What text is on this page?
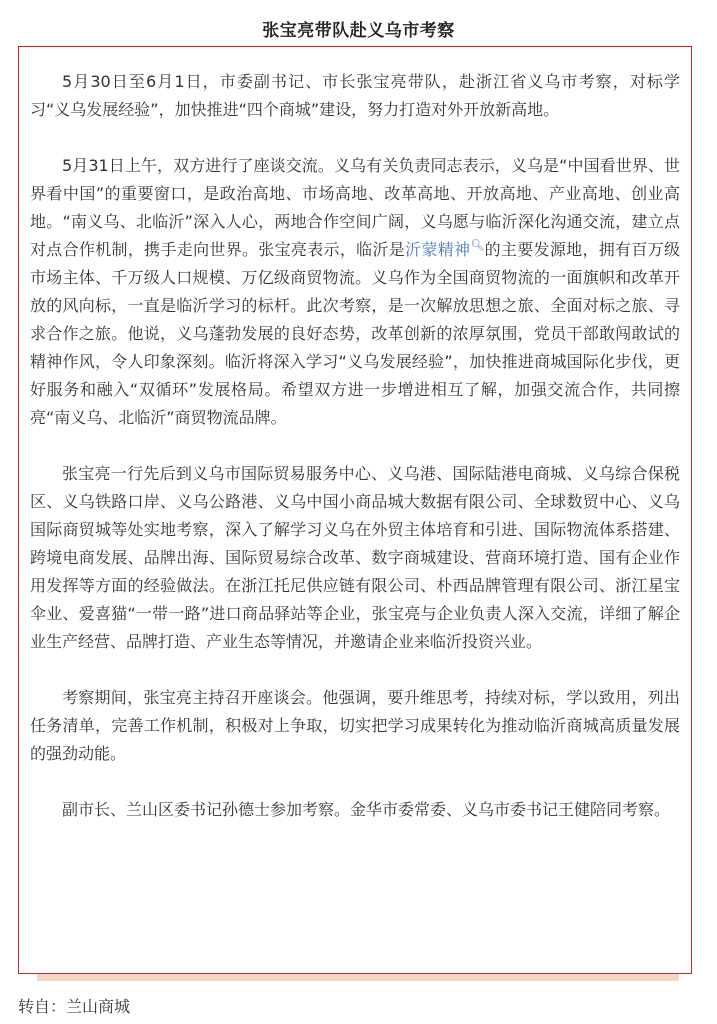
张宝亮带队赴义乌市考察

5月30日至6月1日，市委副书记、市长张宝亮带队，赴浙江省义乌市考察，对标学习“义乌发展经验”，加快推进“四个商城”建设，努力打造对外开放新高地。

5月31日上午，双方进行了座谈交流。义乌有关负责同志表示，义乌是“中国看世界、世界看中国”的重要窗口，是政治高地、市场高地、改革高地、开放高地、产业高地、创业高地。“南义乌、北临沂”深入人心，两地合作空间广阔，义乌愿与临沂深化沟通交流，建立点对点合作机制，携手走向世界。张宝亮表示，临沂是沂蒙精神🔍︎的主要发源地，拥有百万级市场主体、千万级人口规模、万亿级商贸物流。义乌作为全国商贸物流的一面旗帜和改革开放的风向标，一直是临沂学习的标杆。此次考察，是一次解放思想之旅、全面对标之旅、寻求合作之旅。他说，义乌蓬勃发展的良好态势，改革创新的浓厚氛围，党员干部敢闯敢试的精神作风，令人印象深刻。临沂将深入学习“义乌发展经验”，加快推进商城国际化步伐，更好服务和融入“双循环”发展格局。希望双方进一步增进相互了解，加强交流合作，共同擦亮“南义乌、北临沂”商贸物流品牌。

张宝亮一行先后到义乌市国际贸易服务中心、义乌港、国际陆港电商城、义乌综合保税区、义乌铁路口岸、义乌公路港、义乌中国小商品城大数据有限公司、全球数贸中心、义乌国际商贸城等处实地考察，深入了解学习义乌在外贸主体培育和引进、国际物流体系搭建、跨境电商发展、品牌出海、国际贸易综合改革、数字商城建设、营商环境打造、国有企业作用发挥等方面的经验做法。在浙江托尼供应链有限公司、朴西品牌管理有限公司、浙江星宝伞业、爱喜猫“一带一路”进口商品驿站等企业，张宝亮与企业负责人深入交流，详细了解企业生产经营、品牌打造、产业生态等情况，并邀请企业来临沂投资兴业。

考察期间，张宝亮主持召开座谈会。他强调，要升维思考，持续对标，学以致用，列出任务清单，完善工作机制，积极对上争取，切实把学习成果转化为推动临沂商城高质量发展的强劲动能。

副市长、兰山区委书记孙德士参加考察。金华市委常委、义乌市委书记王健陪同考察。

转自：兰山商城
